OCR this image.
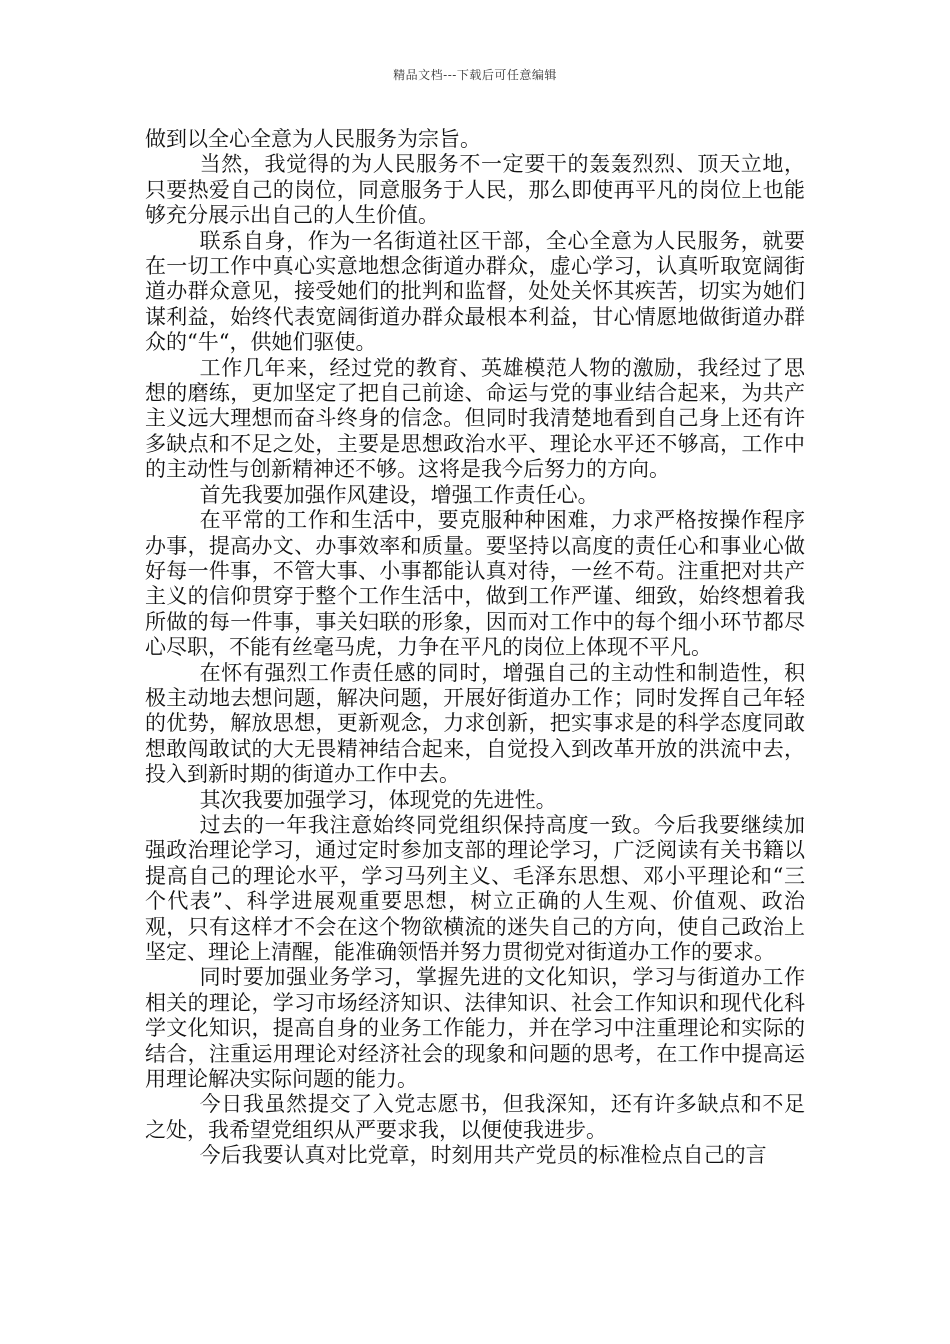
精品文档---下载后可任意编辑

做到以全心全意为人民服务为宗旨。

当然，我觉得的为人民服务不一定要干的轰轰烈烈、顶天立地，只要热爱自己的岗位，同意服务于人民，那么即使再平凡的岗位上也能够充分展示出自己的人生价值。

联系自身，作为一名街道社区干部，全心全意为人民服务，就要在一切工作中真心实意地想念街道办群众，虚心学习，认真听取宽阔街道办群众意见，接受她们的批判和监督，处处关怀其疾苦，切实为她们谋利益，始终代表宽阔街道办群众最根本利益，甘心情愿地做街道办群众的“牛“，供她们驱使。

工作几年来，经过党的教育、英雄模范人物的激励，我经过了思想的磨练，更加坚定了把自己前途、命运与党的事业结合起来，为共产主义远大理想而奋斗终身的信念。但同时我清楚地看到自己身上还有许多缺点和不足之处，主要是思想政治水平、理论水平还不够高，工作中的主动性与创新精神还不够。这将是我今后努力的方向。

首先我要加强作风建设，增强工作责任心。

在平常的工作和生活中，要克服种种困难，力求严格按操作程序办事，提高办文、办事效率和质量。要坚持以高度的责任心和事业心做好每一件事，不管大事、小事都能认真对待，一丝不苟。注重把对共产主义的信仰贯穿于整个工作生活中，做到工作严谨、细致，始终想着我所做的每一件事，事关妇联的形象，因而对工作中的每个细小环节都尽心尽职，不能有丝毫马虎，力争在平凡的岗位上体现不平凡。

在怀有强烈工作责任感的同时，增强自己的主动性和制造性，积极主动地去想问题，解决问题，开展好街道办工作；同时发挥自己年轻的优势，解放思想，更新观念，力求创新，把实事求是的科学态度同敢想敢闯敢试的大无畏精神结合起来，自觉投入到改革开放的洪流中去，投入到新时期的街道办工作中去。

其次我要加强学习，体现党的先进性。

过去的一年我注意始终同党组织保持高度一致。今后我要继续加强政治理论学习，通过定时参加支部的理论学习，广泛阅读有关书籍以提高自己的理论水平，学习马列主义、毛泽东思想、邓小平理论和“三个代表”、科学进展观重要思想，树立正确的人生观、价值观、政治观，只有这样才不会在这个物欲横流的迷失自己的方向，使自己政治上坚定、理论上清醒，能准确领悟并努力贯彻党对街道办工作的要求。

同时要加强业务学习，掌握先进的文化知识，学习与街道办工作相关的理论，学习市场经济知识、法律知识、社会工作知识和现代化科学文化知识，提高自身的业务工作能力，并在学习中注重理论和实际的结合，注重运用理论对经济社会的现象和问题的思考，在工作中提高运用理论解决实际问题的能力。

今日我虽然提交了入党志愿书，但我深知，还有许多缺点和不足之处，我希望党组织从严要求我，以便使我进步。

今后我要认真对比党章，时刻用共产党员的标准检点自己的言
